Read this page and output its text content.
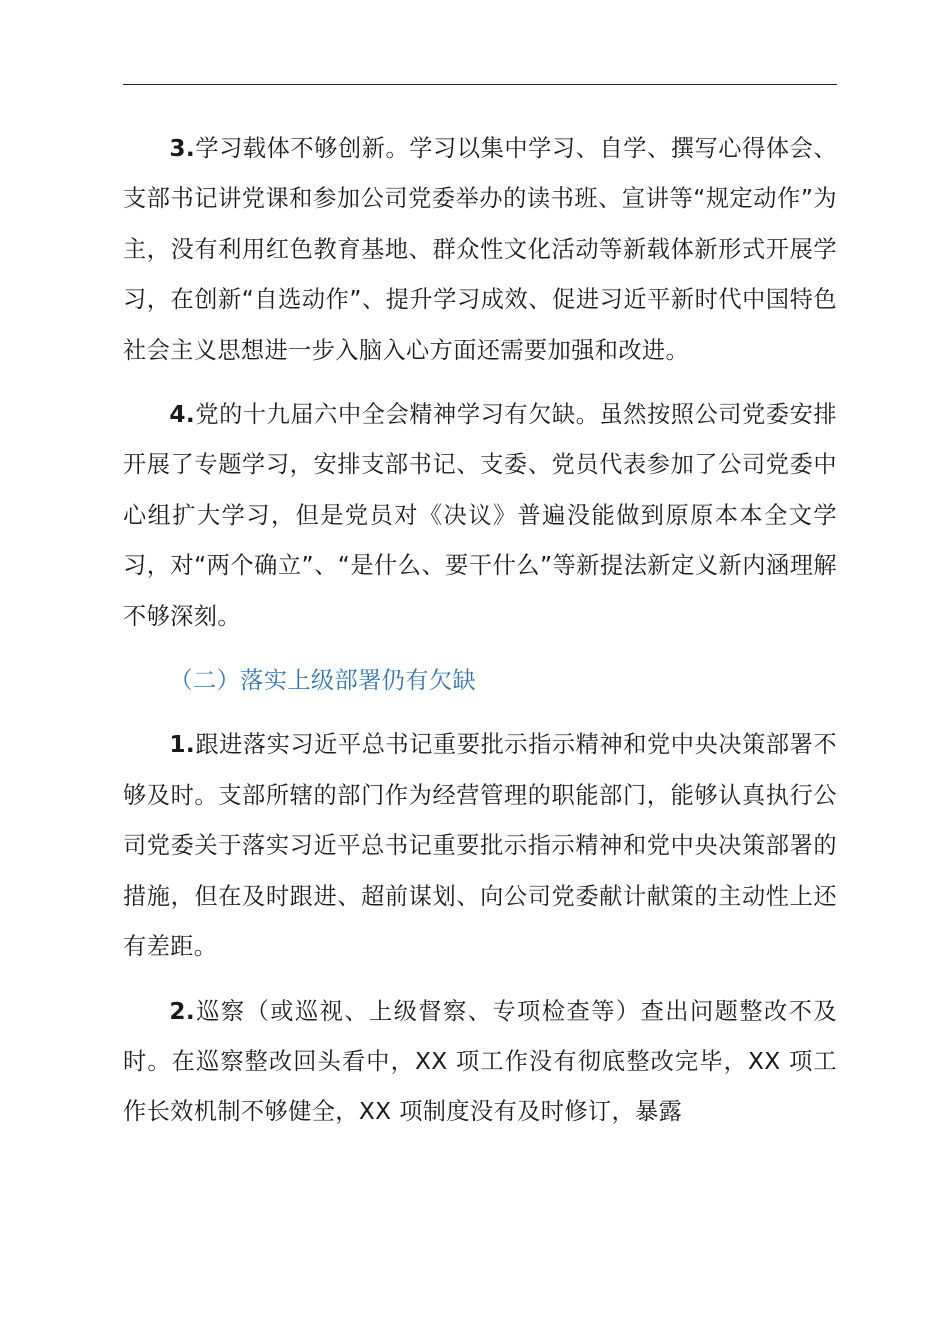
3.学习载体不够创新。学习以集中学习、自学、撰写心得体会、支部书记讲党课和参加公司党委举办的读书班、宣讲等“规定动作”为主，没有利用红色教育基地、群众性文化活动等新载体新形式开展学习，在创新“自选动作”、提升学习成效、促进习近平新时代中国特色社会主义思想进一步入脑入心方面还需要加强和改进。

4.党的十九届六中全会精神学习有欠缺。虽然按照公司党委安排开展了专题学习，安排支部书记、支委、党员代表参加了公司党委中心组扩大学习，但是党员对《决议》普遍没能做到原原本本全文学习，对“两个确立”、“是什么、要干什么”等新提法新定义新内涵理解不够深刻。

（二）落实上级部署仍有欠缺

1.跟进落实习近平总书记重要批示指示精神和党中央决策部署不够及时。支部所辖的部门作为经营管理的职能部门，能够认真执行公司党委关于落实习近平总书记重要批示指示精神和党中央决策部署的措施，但在及时跟进、超前谋划、向公司党委献计献策的主动性上还有差距。

2.巡察（或巡视、上级督察、专项检查等）查出问题整改不及时。在巡察整改回头看中，XX 项工作没有彻底整改完毕，XX 项工作长效机制不够健全，XX 项制度没有及时修订，暴露
